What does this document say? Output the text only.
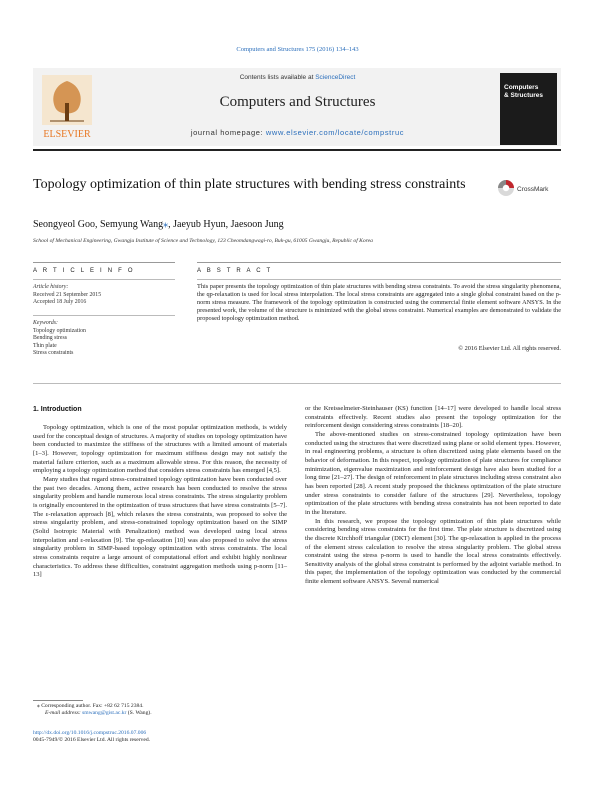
Computers and Structures 175 (2016) 134–143
ELSEVIER
Contents lists available at ScienceDirect
Computers and Structures
journal homepage: www.elsevier.com/locate/compstruc
Computers
& Structures
Topology optimization of thin plate structures with bending stress constraints	CrossMark
Seongyeol Goo, Semyung Wang⁎, Jaeyub Hyun, Jaesoon Jung
School of Mechanical Engineering, Gwangju Institute of Science and Technology, 123 Cheomdangwagi-ro, Buk-gu, 61005 Gwangju, Republic of Korea
A R T I C L E I N F O	A B S T R A C T
Article history:
Received 21 September 2015
Accepted 18 July 2016
Keywords:
Topology optimization
Bending stress
Thin plate
Stress constraints
This paper presents the topology optimization of thin plate structures with bending stress constraints. To avoid the stress singularity phenomena, the qp-relaxation is used for local stress interpolation. The local stress constraints are aggregated into a single global constraint based on the p-norm stress measure. The framework of the topology optimization is constructed using the commercial finite element software ANSYS. In the presented work, the volume of the structure is minimized with the global stress constraint. Numerical examples are demonstrated to validate the proposed topology optimization method.
© 2016 Elsevier Ltd. All rights reserved.
1. Introduction

Topology optimization, which is one of the most popular optimization methods, is widely used for the conceptual design of structures. A majority of studies on topology optimization have been conducted to maximize the stiffness of the structures with a limited amount of materials [1–3]. However, topology optimization for maximum stiffness design may not satisfy the material failure criterion, such as a maximum allowable stress. For this reason, the necessity of employing a topology optimization method that considers stress constraints has emerged [4,5].

Many studies that regard stress-constrained topology optimization have been conducted over the past two decades. Among them, active research has been conducted to resolve the stress singularity problem and handle numerous local stress constraints. The stress singularity problem is originally encountered in the optimization of truss structures that have stress constraints [5–7]. The ε-relaxation approach [8], which relaxes the stress constraints, was proposed to solve the stress singularity problem, and stress-constrained topology optimization based on the SIMP (Solid Isotropic Material with Penalization) method was developed using local stress interpolation and ε-relaxation [9]. The qp-relaxation [10] was also proposed to solve the stress singularity problem in SIMP-based topology optimization with stress constraints. The local stress constraints require a large amount of computational effort and exhibit highly nonlinear characteristics. To address these difficulties, constraint aggregation methods using p-norm [11–13]

or the Kreisselmeier-Steinhauser (KS) function [14–17] were developed to handle local stress constraints effectively. Recent studies also present the topology optimization for the reinforcement design considering stress constraints [18–20].

The above-mentioned studies on stress-constrained topology optimization have been conducted using the structures that were discretized using plane or solid element types. However, in real engineering problems, a structure is often discretized using plate elements based on the behavior of deformation. In this respect, topology optimization of plate structures for compliance minimization, eigenvalue maximization and reinforcement design have also been studied for a long time [21–27]. The design of reinforcement in plate structures including stress constraint also has been reported [28]. A recent study proposed the thickness optimization of the plate structure under stress constraints to consider failure of the structures [29]. Nevertheless, topology optimization of the plate structures with bending stress constraints has not been reported to date in the literature.

In this research, we propose the topology optimization of thin plate structures while considering bending stress constraints for the first time. The plate structure is discretized using the discrete Kirchhoff triangular (DKT) element [30]. The qp-relaxation is applied in the process of the element stress calculation to resolve the stress singularity problem. The global stress constraint using the stress p-norm is used to handle the local stress constraints effectively. Sensitivity analysis of the global stress constraint is performed by the adjoint variable method. In this paper, the implementation of the topology optimization was conducted by the commercial finite element software ANSYS. Several numerical

⁎ Corresponding author. Fax: +82 62 715 2384.
E-mail address: smwang@gist.ac.kr (S. Wang).
http://dx.doi.org/10.1016/j.compstruc.2016.07.006
0045-7949/© 2016 Elsevier Ltd. All rights reserved.
